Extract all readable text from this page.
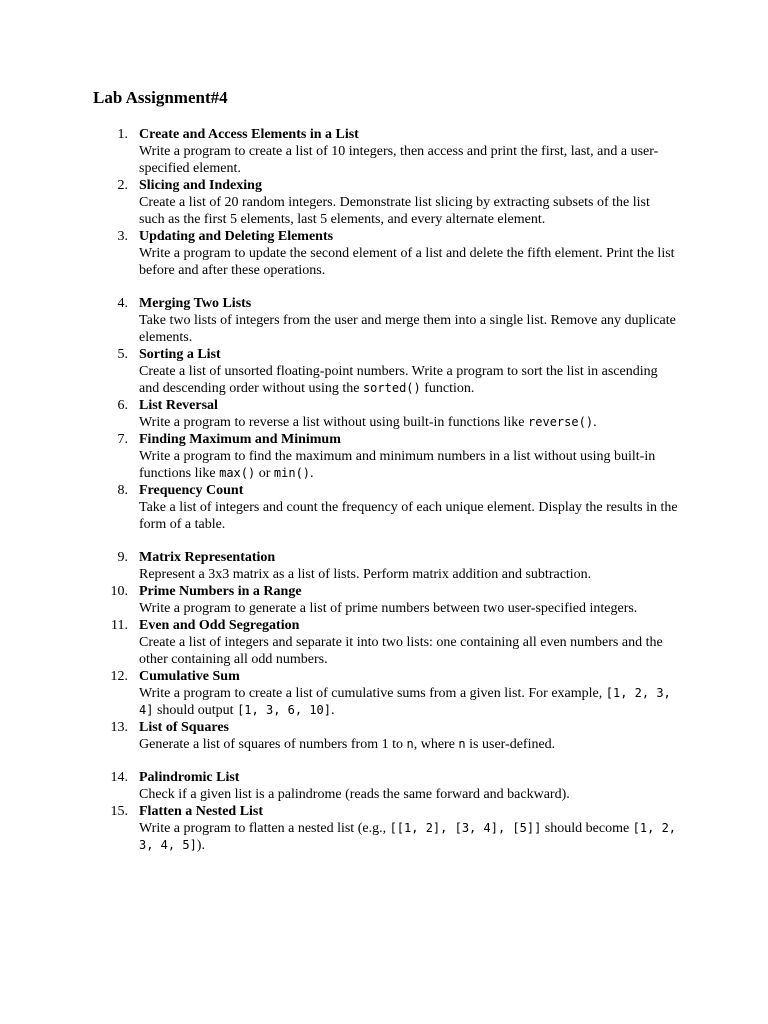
Lab Assignment#4
1. Create and Access Elements in a List

Write a program to create a list of 10 integers, then access and print the first, last, and a user-specified element.

2. Slicing and Indexing

Create a list of 20 random integers. Demonstrate list slicing by extracting subsets of the list such as the first 5 elements, last 5 elements, and every alternate element.

3. Updating and Deleting Elements

Write a program to update the second element of a list and delete the fifth element. Print the list before and after these operations.

4. Merging Two Lists

Take two lists of integers from the user and merge them into a single list. Remove any duplicate elements.

5. Sorting a List

Create a list of unsorted floating-point numbers. Write a program to sort the list in ascending and descending order without using the sorted() function.

6. List Reversal

Write a program to reverse a list without using built-in functions like reverse().

7. Finding Maximum and Minimum

Write a program to find the maximum and minimum numbers in a list without using built-in functions like max() or min().

8. Frequency Count

Take a list of integers and count the frequency of each unique element. Display the results in the form of a table.

9. Matrix Representation

Represent a 3x3 matrix as a list of lists. Perform matrix addition and subtraction.

10. Prime Numbers in a Range

Write a program to generate a list of prime numbers between two user-specified integers.

11. Even and Odd Segregation

Create a list of integers and separate it into two lists: one containing all even numbers and the other containing all odd numbers.

12. Cumulative Sum

Write a program to create a list of cumulative sums from a given list. For example, [1, 2, 3, 4] should output [1, 3, 6, 10].

13. List of Squares

Generate a list of squares of numbers from 1 to n, where n is user-defined.

14. Palindromic List

Check if a given list is a palindrome (reads the same forward and backward).

15. Flatten a Nested List

Write a program to flatten a nested list (e.g., [[1, 2], [3, 4], [5]] should become [1, 2, 3, 4, 5]).
